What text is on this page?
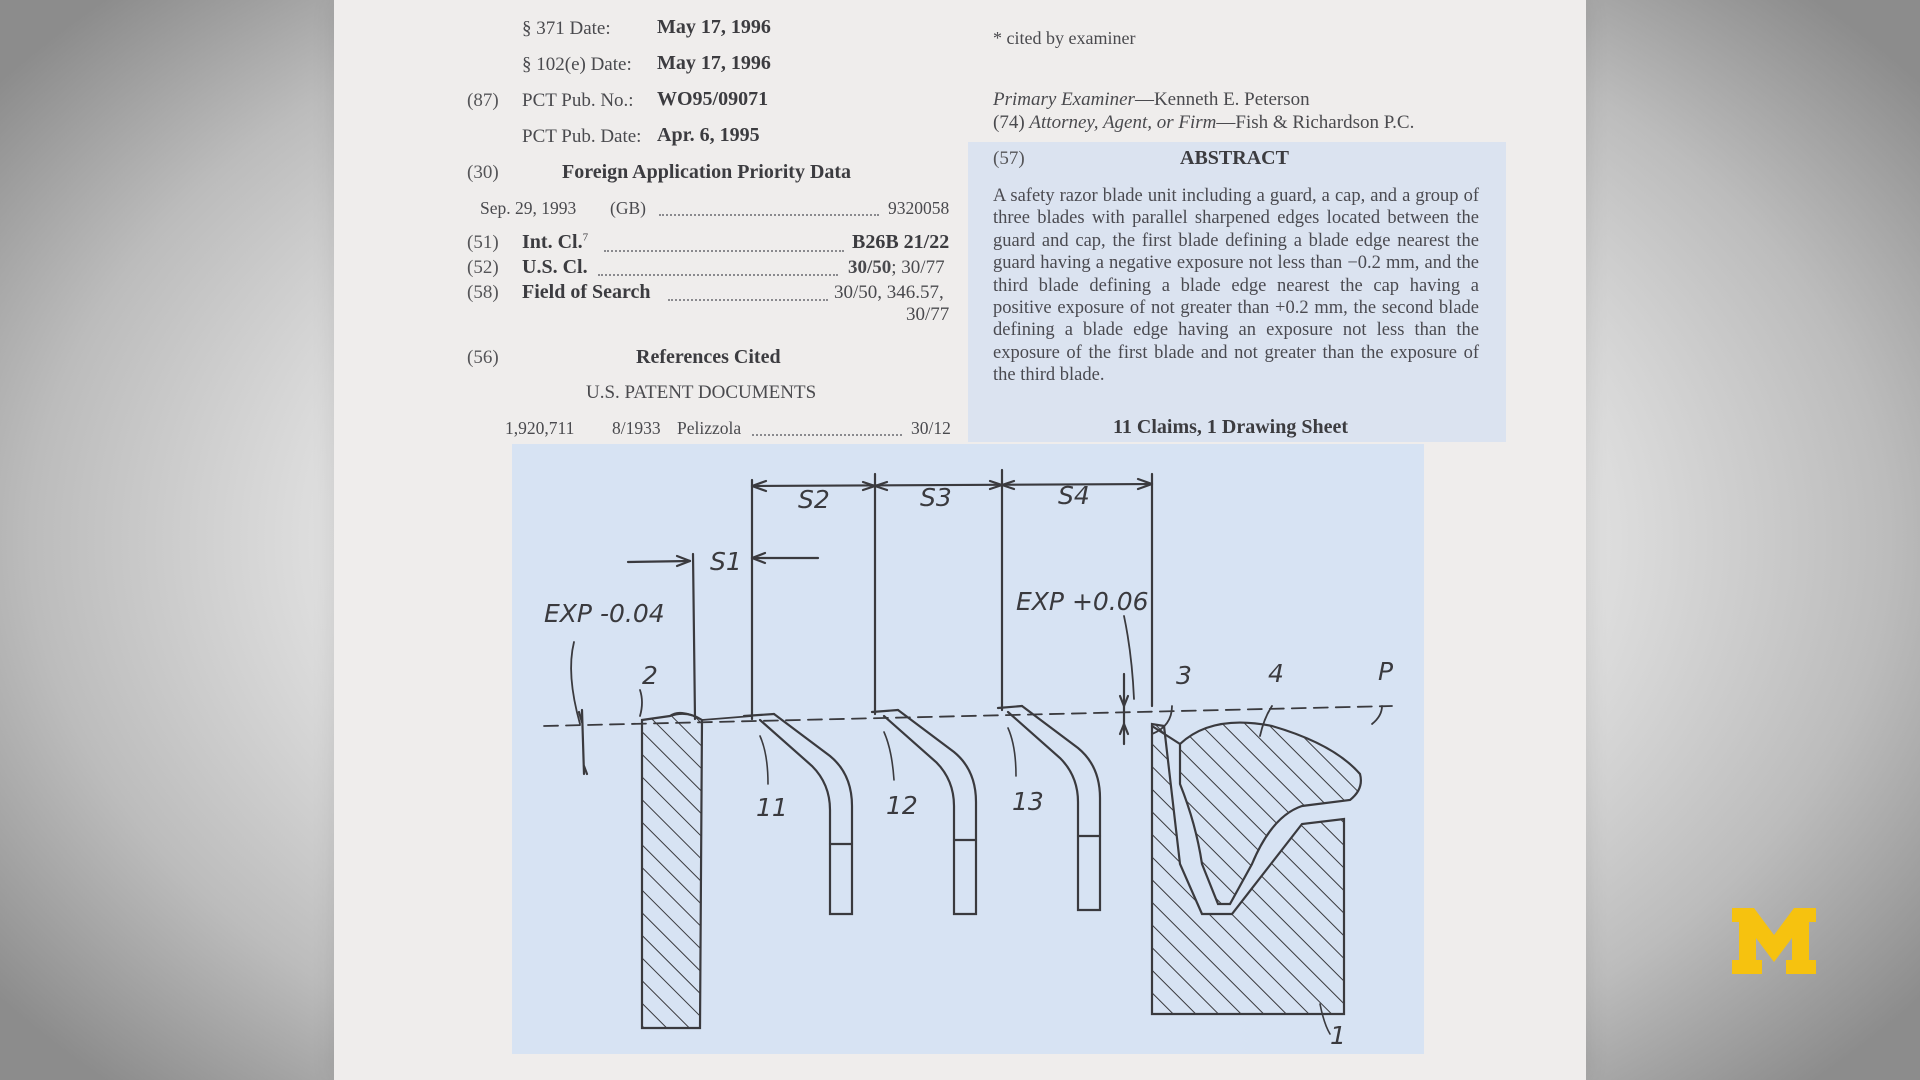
§ 371 Date: May 17, 1996
§ 102(e) Date: May 17, 1996
(87) PCT Pub. No.: WO95/09071
PCT Pub. Date: Apr. 6, 1995
(30)	Foreign Application Priority Data
Sep. 29, 1993 (GB)	9320058
(51) Int. Cl.$^7$	B26B 21/22
(52) U.S. Cl.	30/50; 30/77
(58) Field of Search	30/50, 346.57,
30/77
(56)	References Cited
U.S. PATENT DOCUMENTS
1,920,711 8/1933 Pelizzola	30/12
* cited by examiner
Primary Examiner—Kenneth E. Peterson
(74) Attorney, Agent, or Firm—Fish & Richardson P.C.
(57)	ABSTRACT
A safety razor blade unit including a guard, a cap, and a group of three blades with parallel sharpened edges located between the guard and cap, the first blade defining a blade edge nearest the guard having a negative exposure not less than −0.2 mm, and the third blade defining a blade edge nearest the cap having a positive exposure of not greater than +0.2 mm, the second blade defining a blade edge having an exposure not less than the exposure of the first blade and not greater than the exposure of the third blade.
11 Claims, 1 Drawing Sheet
S2	S3	S4
S1
EXP -0.04	EXP +0.06
2	3	4	P
11	12	13
1
